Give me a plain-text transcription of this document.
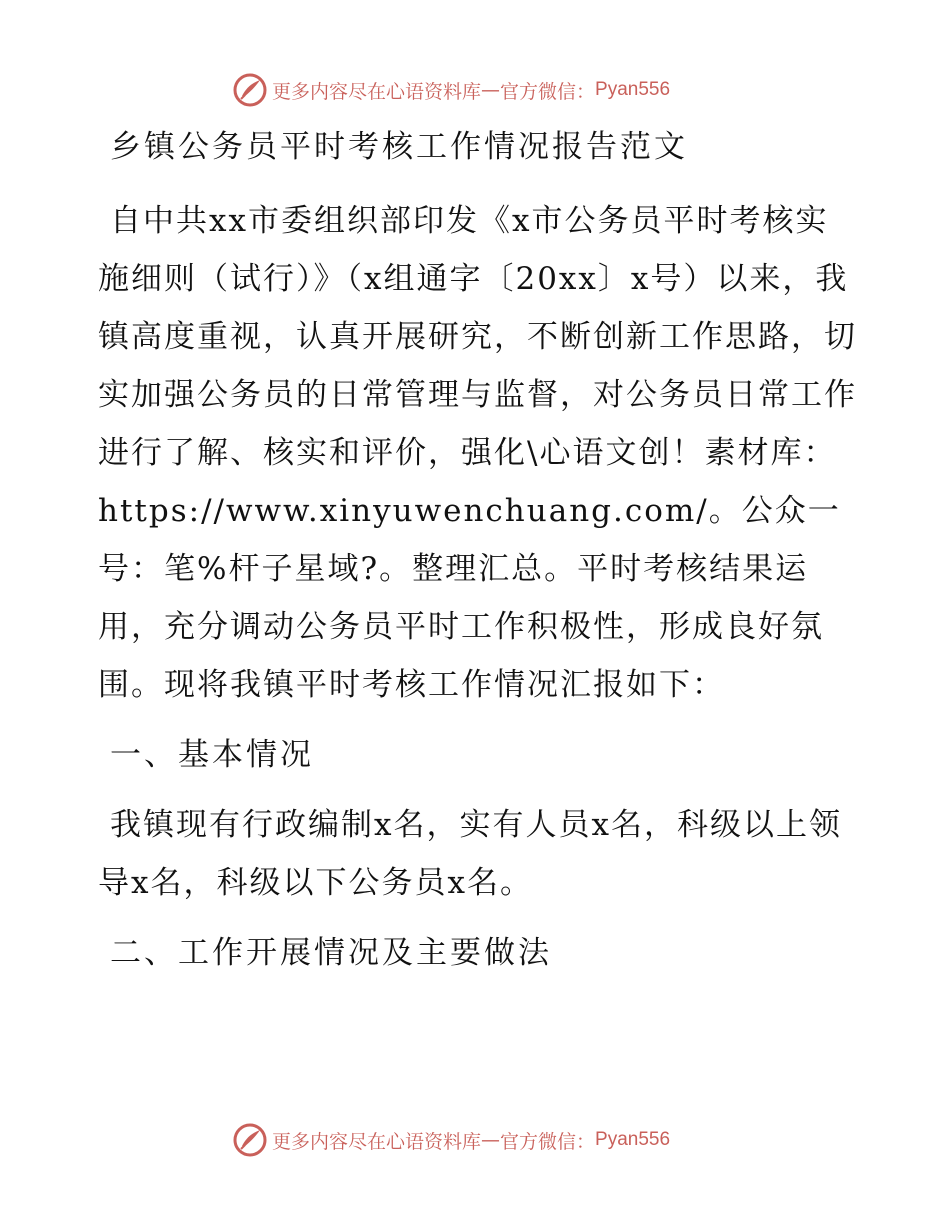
更多内容尽在心语资料库 — 官方微信： Pyan556
乡镇公务员平时考核工作情况报告范文

自中共xx市委组织部印发《x市公务员平时考核实施细则（试行）》（x组通字〔20xx〕x号）以来，我镇高度重视，认真开展研究，不断创新工作思路，切实加强公务员的日常管理与监督，对公务员日常工作进行了解、核实和评价，强化\心语文创！素材库：https://www.xinyuwenchuang.com/。公众一号：笔%杆子星域?。整理汇总。平时考核结果运用，充分调动公务员平时工作积极性，形成良好氛围。现将我镇平时考核工作情况汇报如下：

一、基本情况

我镇现有行政编制x名，实有人员x名，科级以上领导x名，科级以下公务员x名。

二、工作开展情况及主要做法
更多内容尽在心语资料库 — 官方微信： Pyan556
